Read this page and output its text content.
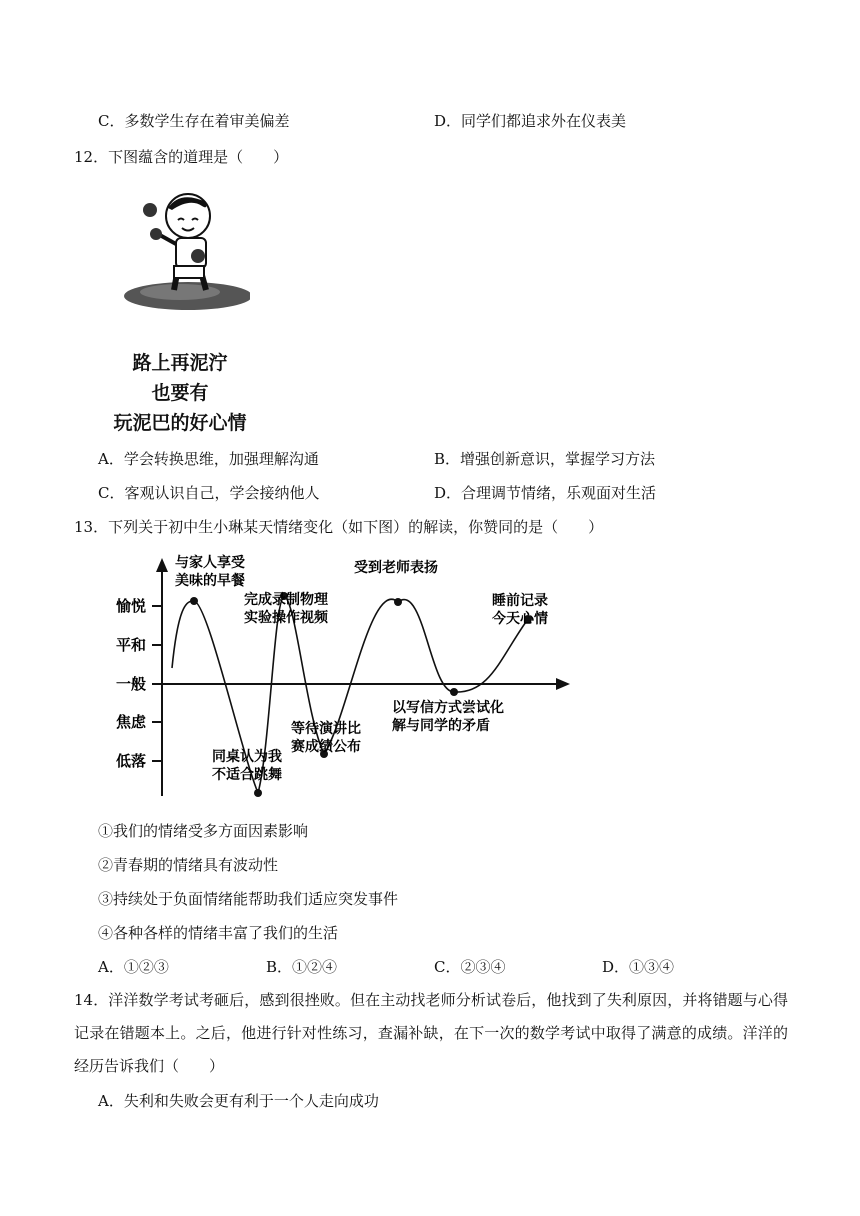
C．多数学生存在着审美偏差	D．同学们都追求外在仪表美
12．下图蕴含的道理是（　　）
路上再泥泞
也要有
玩泥巴的好心情
A．学会转换思维，加强理解沟通	B．增强创新意识，掌握学习方法
C．客观认识自己，学会接纳他人	D．合理调节情绪，乐观面对生活
13．下列关于初中生小琳某天情绪变化（如下图）的解读，你赞同的是（　　）
愉悦
平和
一般
焦虑
低落
与家人享受美味的早餐
同桌认为我不适合跳舞
完成录制物理实验操作视频
等待演讲比赛成绩公布
受到老师表扬
以写信方式尝试化解与同学的矛盾
睡前记录今天心情
①我们的情绪受多方面因素影响
②青春期的情绪具有波动性
③持续处于负面情绪能帮助我们适应突发事件
④各种各样的情绪丰富了我们的生活
A．①②③	B．①②④	C．②③④	D．①③④
14．洋洋数学考试考砸后，感到很挫败。但在主动找老师分析试卷后，他找到了失利原因，并将错题与心得记录在错题本上。之后，他进行针对性练习，查漏补缺，在下一次的数学考试中取得了满意的成绩。洋洋的经历告诉我们（　　）
A．失利和失败会更有利于一个人走向成功
